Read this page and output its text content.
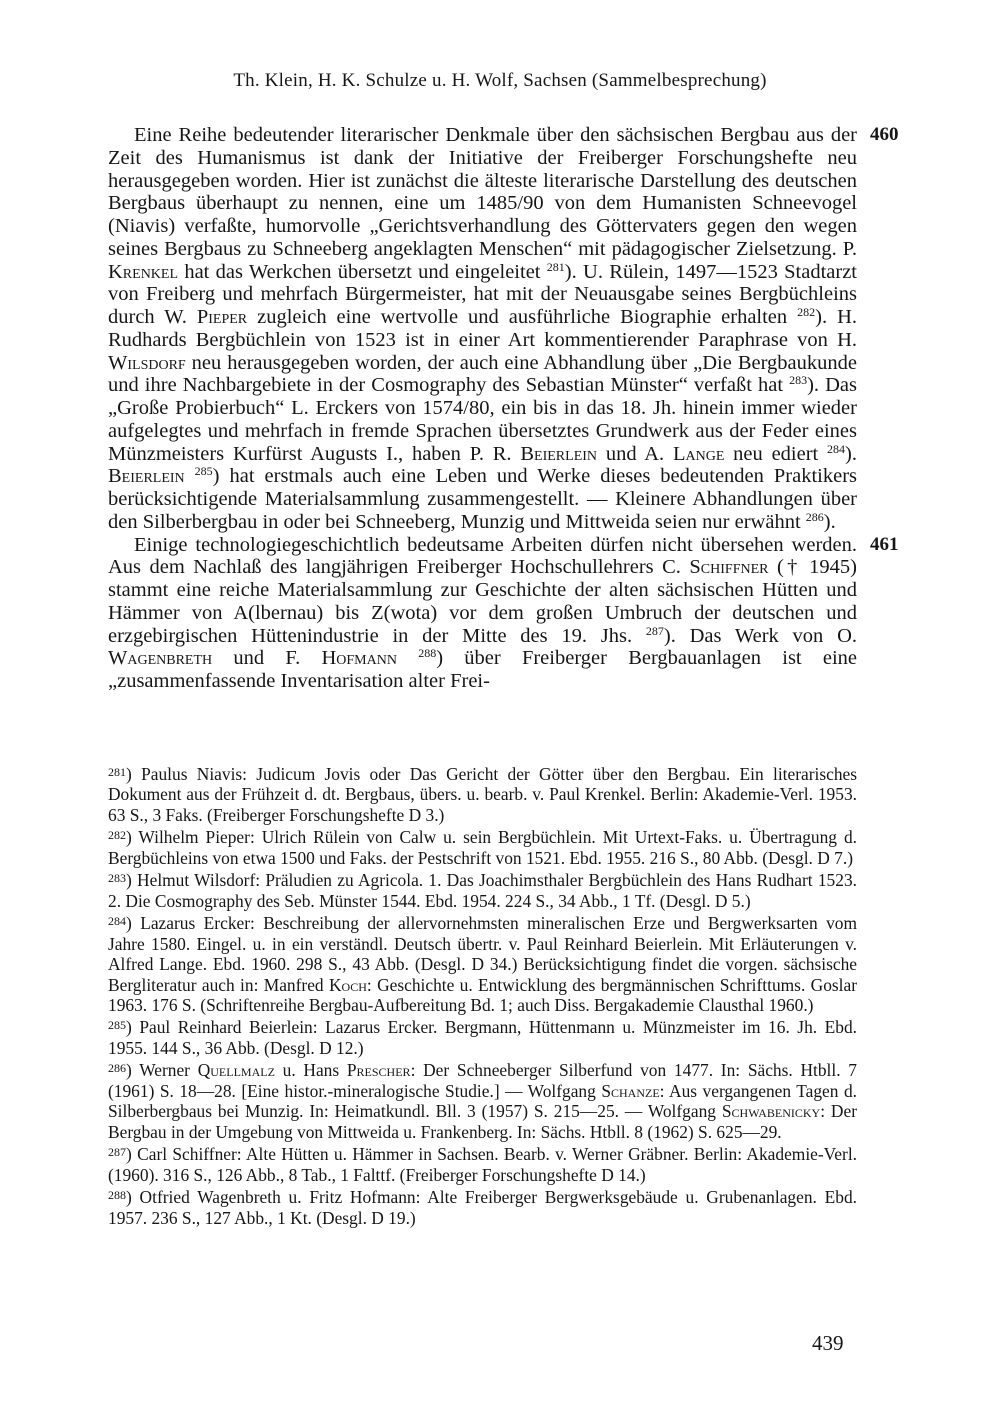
Th. Klein, H. K. Schulze u. H. Wolf, Sachsen (Sammelbesprechung)

460
Eine Reihe bedeutender literarischer Denkmale über den sächsischen Bergbau aus der Zeit des Humanismus ist dank der Initiative der Freiberger Forschungshefte neu herausgegeben worden. Hier ist zunächst die älteste literarische Darstellung des deutschen Bergbaus überhaupt zu nennen, eine um 1485/90 von dem Humanisten Schneevogel (Niavis) verfaßte, humorvolle „Gerichtsverhandlung des Göttervaters gegen den wegen seines Bergbaus zu Schneeberg angeklagten Menschen“ mit pädagogischer Zielsetzung. P. Krenkel hat das Werkchen übersetzt und eingeleitet $^{281}$). U. Rülein, 1497—1523 Stadtarzt von Freiberg und mehrfach Bürgermeister, hat mit der Neuausgabe seines Bergbüchleins durch W. Pieper zugleich eine wertvolle und ausführliche Biographie erhalten $^{282}$). H. Rudhards Bergbüchlein von 1523 ist in einer Art kommentierender Paraphrase von H. Wilsdorf neu herausgegeben worden, der auch eine Abhandlung über „Die Bergbaukunde und ihre Nachbargebiete in der Cosmography des Sebastian Münster“ verfaßt hat $^{283}$). Das „Große Probierbuch“ L. Erckers von 1574/80, ein bis in das 18. Jh. hinein immer wieder aufgelegtes und mehrfach in fremde Sprachen übersetztes Grundwerk aus der Feder eines Münzmeisters Kurfürst Augusts I., haben P. R. Beierlein und A. Lange neu ediert $^{284}$). Beierlein $^{285}$) hat erstmals auch eine Leben und Werke dieses bedeutenden Praktikers berücksichtigende Materialsammlung zusammengestellt. — Kleinere Abhandlungen über den Silberbergbau in oder bei Schneeberg, Munzig und Mittweida seien nur erwähnt $^{286}$).

461
Einige technologiegeschichtlich bedeutsame Arbeiten dürfen nicht übersehen werden. Aus dem Nachlaß des langjährigen Freiberger Hochschullehrers C. Schiffner († 1945) stammt eine reiche Materialsammlung zur Geschichte der alten sächsischen Hütten und Hämmer von A(lbernau) bis Z(wota) vor dem großen Umbruch der deutschen und erzgebirgischen Hüttenindustrie in der Mitte des 19. Jhs. $^{287}$). Das Werk von O. Wagenbreth und F. Hofmann $^{288}$) über Freiberger Bergbauanlagen ist eine „zusammenfassende Inventarisation alter Frei-

$^{281}$) Paulus Niavis: Judicum Jovis oder Das Gericht der Götter über den Bergbau. Ein literarisches Dokument aus der Frühzeit d. dt. Bergbaus, übers. u. bearb. v. Paul Krenkel. Berlin: Akademie-Verl. 1953. 63 S., 3 Faks. (Freiberger Forschungshefte D 3.)

$^{282}$) Wilhelm Pieper: Ulrich Rülein von Calw u. sein Bergbüchlein. Mit Urtext-Faks. u. Übertragung d. Bergbüchleins von etwa 1500 und Faks. der Pestschrift von 1521. Ebd. 1955. 216 S., 80 Abb. (Desgl. D 7.)

$^{283}$) Helmut Wilsdorf: Präludien zu Agricola. 1. Das Joachimsthaler Bergbüchlein des Hans Rudhart 1523. 2. Die Cosmography des Seb. Münster 1544. Ebd. 1954. 224 S., 34 Abb., 1 Tf. (Desgl. D 5.)

$^{284}$) Lazarus Ercker: Beschreibung der allervornehmsten mineralischen Erze und Bergwerksarten vom Jahre 1580. Eingel. u. in ein verständl. Deutsch übertr. v. Paul Reinhard Beierlein. Mit Erläuterungen v. Alfred Lange. Ebd. 1960. 298 S., 43 Abb. (Desgl. D 34.) Berücksichtigung findet die vorgen. sächsische Bergliteratur auch in: Manfred Koch: Geschichte u. Entwicklung des bergmännischen Schrifttums. Goslar 1963. 176 S. (Schriftenreihe Bergbau-Aufbereitung Bd. 1; auch Diss. Bergakademie Clausthal 1960.)

$^{285}$) Paul Reinhard Beierlein: Lazarus Ercker. Bergmann, Hüttenmann u. Münzmeister im 16. Jh. Ebd. 1955. 144 S., 36 Abb. (Desgl. D 12.)

$^{286}$) Werner Quellmalz u. Hans Prescher: Der Schneeberger Silberfund von 1477. In: Sächs. Htbll. 7 (1961) S. 18—28. [Eine histor.-mineralogische Studie.] — Wolfgang Schanze: Aus vergangenen Tagen d. Silberbergbaus bei Munzig. In: Heimatkundl. Bll. 3 (1957) S. 215—25. — Wolfgang Schwabenicky: Der Bergbau in der Umgebung von Mittweida u. Frankenberg. In: Sächs. Htbll. 8 (1962) S. 625—29.

$^{287}$) Carl Schiffner: Alte Hütten u. Hämmer in Sachsen. Bearb. v. Werner Gräbner. Berlin: Akademie-Verl. (1960). 316 S., 126 Abb., 8 Tab., 1 Falttf. (Freiberger Forschungshefte D 14.)

$^{288}$) Otfried Wagenbreth u. Fritz Hofmann: Alte Freiberger Bergwerksgebäude u. Grubenanlagen. Ebd. 1957. 236 S., 127 Abb., 1 Kt. (Desgl. D 19.)

439
